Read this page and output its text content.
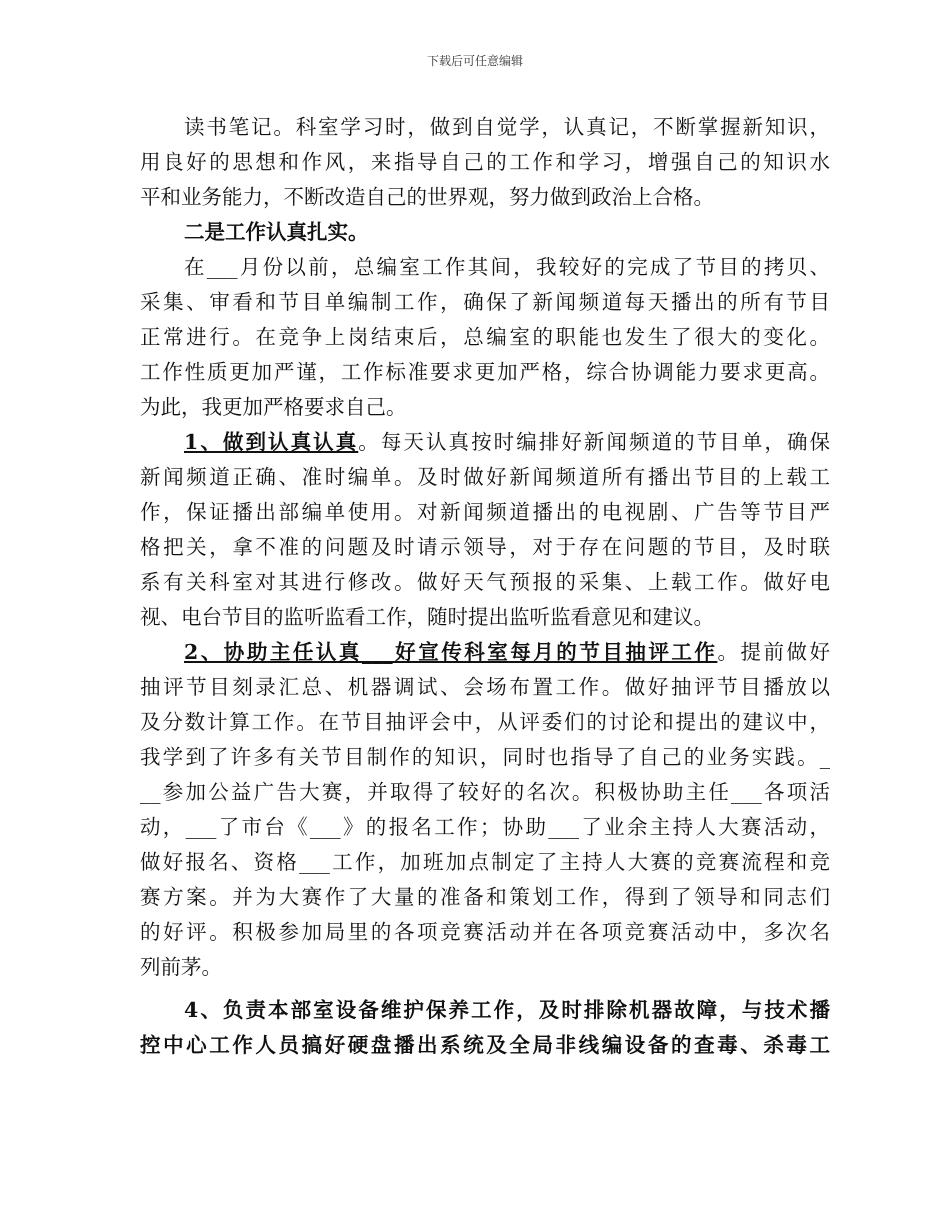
下载后可任意编辑
读书笔记。科室学习时，做到自觉学，认真记，不断掌握新知识，
用良好的思想和作风，来指导自己的工作和学习，增强自己的知识水
平和业务能力，不断改造自己的世界观，努力做到政治上合格。
二是工作认真扎实。
在___月份以前，总编室工作其间，我较好的完成了节目的拷贝、
采集、审看和节目单编制工作，确保了新闻频道每天播出的所有节目
正常进行。在竞争上岗结束后，总编室的职能也发生了很大的变化。
工作性质更加严谨，工作标准要求更加严格，综合协调能力要求更高。
为此，我更加严格要求自己。
1、做到认真认真。每天认真按时编排好新闻频道的节目单，确保
新闻频道正确、准时编单。及时做好新闻频道所有播出节目的上载工
作，保证播出部编单使用。对新闻频道播出的电视剧、广告等节目严
格把关，拿不准的问题及时请示领导，对于存在问题的节目，及时联
系有关科室对其进行修改。做好天气预报的采集、上载工作。做好电
视、电台节目的监听监看工作，随时提出监听监看意见和建议。
2、协助主任认真___好宣传科室每月的节目抽评工作。提前做好
抽评节目刻录汇总、机器调试、会场布置工作。做好抽评节目播放以
及分数计算工作。在节目抽评会中，从评委们的讨论和提出的建议中，
我学到了许多有关节目制作的知识，同时也指导了自己的业务实践。_
__参加公益广告大赛，并取得了较好的名次。积极协助主任___各项活
动，___了市台《___》的报名工作；协助___了业余主持人大赛活动，
做好报名、资格___工作，加班加点制定了主持人大赛的竞赛流程和竞
赛方案。并为大赛作了大量的准备和策划工作，得到了领导和同志们
的好评。积极参加局里的各项竞赛活动并在各项竞赛活动中，多次名
列前茅。
4、负责本部室设备维护保养工作，及时排除机器故障，与技术播
控中心工作人员搞好硬盘播出系统及全局非线编设备的查毒、杀毒工
